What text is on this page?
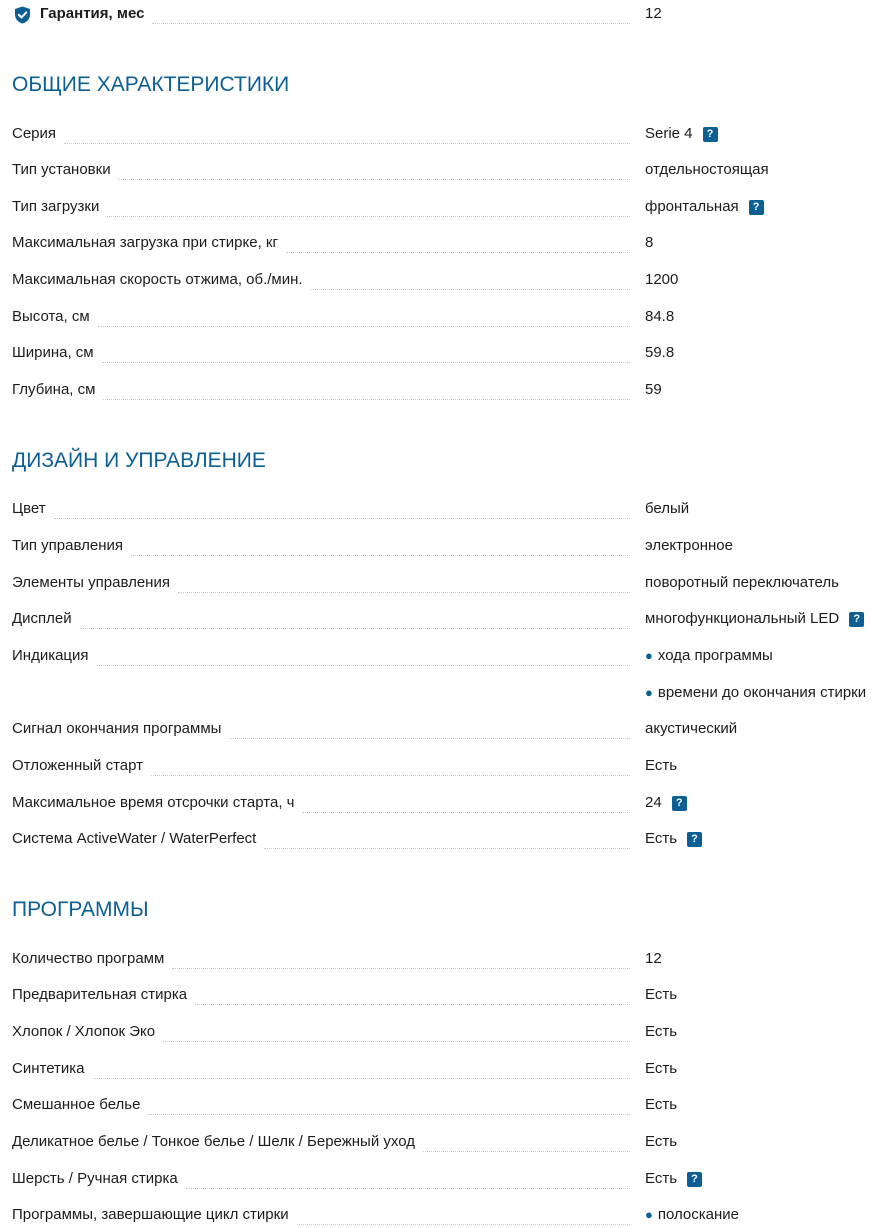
Гарантия, мес	12
ОБЩИЕ ХАРАКТЕРИСТИКИ
Серия	Serie 4	?
Тип установки	отдельностоящая
Тип загрузки	фронтальная	?
Максимальная загрузка при стирке, кг	8
Максимальная скорость отжима, об./мин.	1200
Высота, см	84.8
Ширина, см	59.8
Глубина, см	59
ДИЗАЙН И УПРАВЛЕНИЕ
Цвет	белый
Тип управления	электронное
Элементы управления	поворотный переключатель
Дисплей	многофункциональный LED	?
Индикация	● хода программы
● времени до окончания стирки
Сигнал окончания программы	акустический
Отложенный старт	Есть
Максимальное время отсрочки старта, ч	24	?
Система ActiveWater / WaterPerfect	Есть	?
ПРОГРАММЫ
Количество программ	12
Предварительная стирка	Есть
Хлопок / Хлопок Эко	Есть
Синтетика	Есть
Смешанное белье	Есть
Деликатное белье / Тонкое белье / Шелк / Бережный уход	Есть
Шерсть / Ручная стирка	Есть	?
Программы, завершающие цикл стирки	● полоскание
